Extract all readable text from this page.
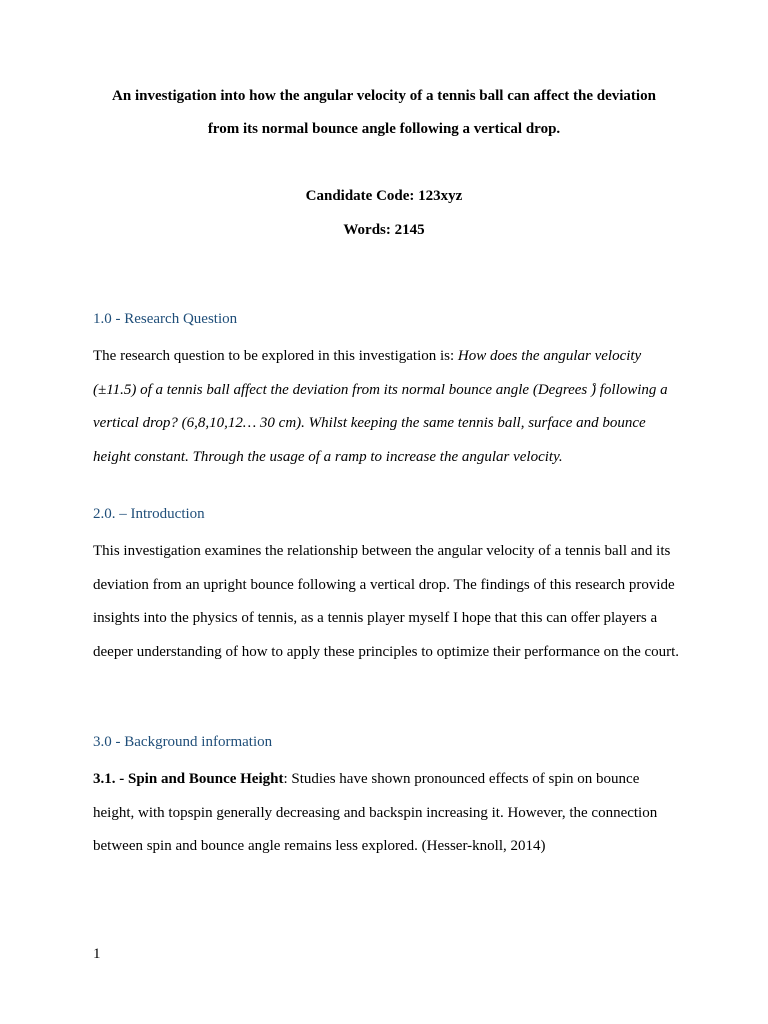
An investigation into how the angular velocity of a tennis ball can affect the deviation
from its normal bounce angle following a vertical drop.
Candidate Code: 123xyz
Words: 2145
1.0 - Research Question

The research question to be explored in this investigation is: How does the angular velocity (±11.5) of a tennis ball affect the deviation from its normal bounce angle (Degrees ̊) following a vertical drop? (6,8,10,12… 30 cm). Whilst keeping the same tennis ball, surface and bounce height constant. Through the usage of a ramp to increase the angular velocity.

2.0. – Introduction

This investigation examines the relationship between the angular velocity of a tennis ball and its deviation from an upright bounce following a vertical drop. The findings of this research provide insights into the physics of tennis, as a tennis player myself I hope that this can offer players a deeper understanding of how to apply these principles to optimize their performance on the court.

3.0 - Background information

3.1. - Spin and Bounce Height: Studies have shown pronounced effects of spin on bounce height, with topspin generally decreasing and backspin increasing it. However, the connection between spin and bounce angle remains less explored. (Hesser-knoll, 2014)

1
